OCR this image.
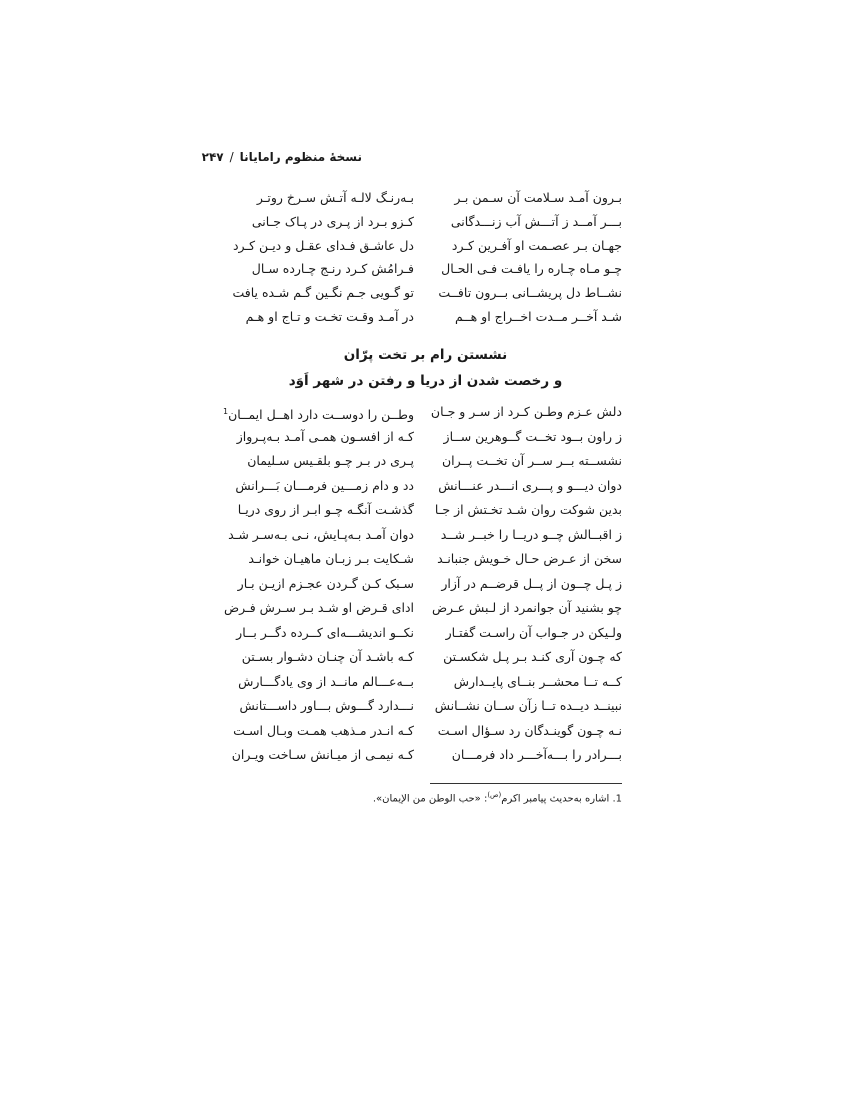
نسخهٔ منظوم رامایانا/۲۴۷
بـرون آمـد سـلامت آن سـمن بـر
بـه‌رنـگ لالـه آتـش سـرخ روتـر
بـــر آمــد ز آتـــش آب زنـــدگانی
کـزو بـرد از پـری در پـاک جـانی
جهـان بـر عصـمت او آفـرین کـرد
دل عاشـق فـدای عقـل و دیـن کـرد
چـو مـاه چـاره را یافـت فـی الحـال
فـرامُش کـرد رنـج چـارده سـال
نشــاط دل پریشــانی بــرون تافــت
تو گـویی جـم نگـین گـم شـده یافت
شـد آخــر مــدت اخــراج او هــم
در آمـد وقـت تخـت و تـاج او هـم
نشستن رام بر تخت پرّان
و رخصت شدن از دریا و رفتن در شهر اَوَد
دلش عـزم وطـن کـرد از سـر و جـان
وطــن را دوســت دارد اهــل ایمــان$^1$
ز راون بــود تخــت گــوهرین ســاز
کـه از افسـون همـی آمـد بـه‌پـرواز
نشســته بــر ســر آن تخــت پــران
پـری در بـر چـو بلقـیس سـلیمان
دوان دیـــو و پـــری انـــدر عنـــانش
دد و دام زمـــین فرمـــان بَـــرانش
بدین شوکت روان شـد تخـتش از جـا
گذشـت آنگـه چـو ابـر از روی دریـا
ز اقبــالش چــو دریــا را خبــر شــد
دوان آمـد بـه‌پـایش، نـی بـه‌سـر شـد
سخن از عـرض حـال خـویش جنبانـد
شـکایت بـر زبـان ماهیـان خوانـد
ز پـل چــون از پــل قرضــم در آزار
سـبک کـن گـردن عجـزم ازیـن بـار
چو بشنید آن جوانمرد از لـبش عـرض
ادای قـرض او شـد بـر سـرش فـرض
ولـیکن در جـواب آن راسـت گفتـار
نکــو اندیشـــه‌ای کــرده دگــر بــار
که چـون آری کنـد بـر پـل شکسـتن
کـه باشـد آن چنـان دشـوار بسـتن
کــه تــا محشــر بنــای پایــدارش
بــه‌عـــالم مانــد از وی یادگـــارش
نبینــد دیــده تــا زآن ســان نشــانش
نـــدارد گـــوش بـــاور داســـتانش
نـه چـون گوینـدگان رد سـؤال اسـت
کـه انـدر مـذهب همـت وبـال اسـت
بـــرادر را بـــه‌آخـــر داد فرمـــان
کـه نیمـی از میـانش سـاخت ویـران
1. اشاره به‌حدیث پیامبر اکرم$^{(ص)}$: «حب الوطن من الإیمان».
